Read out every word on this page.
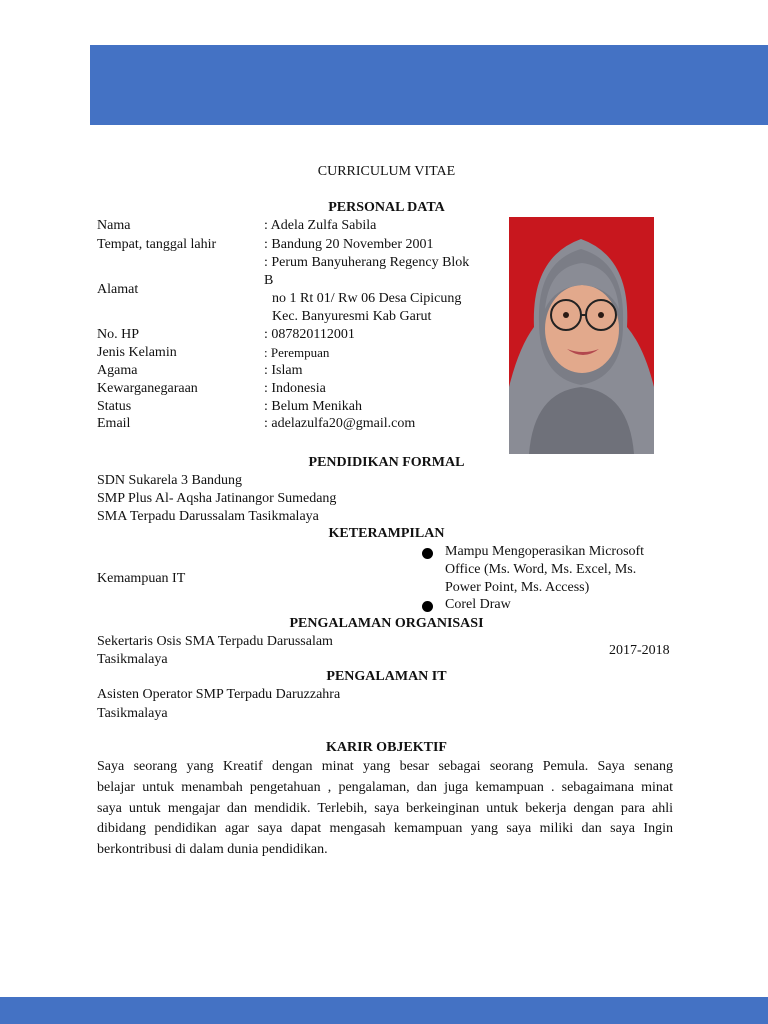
CURRICULUM VITAE
PERSONAL DATA
Nama	: Adela Zulfa Sabila
Tempat, tanggal lahir	: Bandung 20 November 2001
Alamat
: Perum Banyuherang Regency Blok
B
no 1 Rt 01/ Rw 06 Desa Cipicung
Kec. Banyuresmi Kab Garut
No. HP	: 087820112001
Jenis Kelamin	: Perempuan
Agama	: Islam
Kewarganegaraan	: Indonesia
Status	: Belum Menikah
Email	: adelazulfa20@gmail.com
PENDIDIKAN FORMAL
SDN Sukarela 3 Bandung
SMP Plus Al- Aqsha Jatinangor Sumedang
SMA Terpadu Darussalam Tasikmalaya
KETERAMPILAN
Kemampuan IT
Mampu Mengoperasikan Microsoft
Office (Ms. Word, Ms. Excel, Ms.
Power Point, Ms. Access)
Corel Draw
PENGALAMAN ORGANISASI
Sekertaris Osis SMA Terpadu Darussalam
Tasikmalaya
2017-2018
PENGALAMAN IT
Asisten Operator SMP Terpadu Daruzzahra
Tasikmalaya
KARIR OBJEKTIF
Saya seorang yang Kreatif dengan minat yang besar sebagai seorang Pemula. Saya senang
belajar untuk menambah pengetahuan , pengalaman, dan juga kemampuan . sebagaimana minat
saya untuk mengajar dan mendidik. Terlebih, saya berkeinginan untuk bekerja dengan para ahli
dibidang pendidikan agar saya dapat mengasah kemampuan yang saya miliki dan saya Ingin
berkontribusi di dalam dunia pendidikan.
